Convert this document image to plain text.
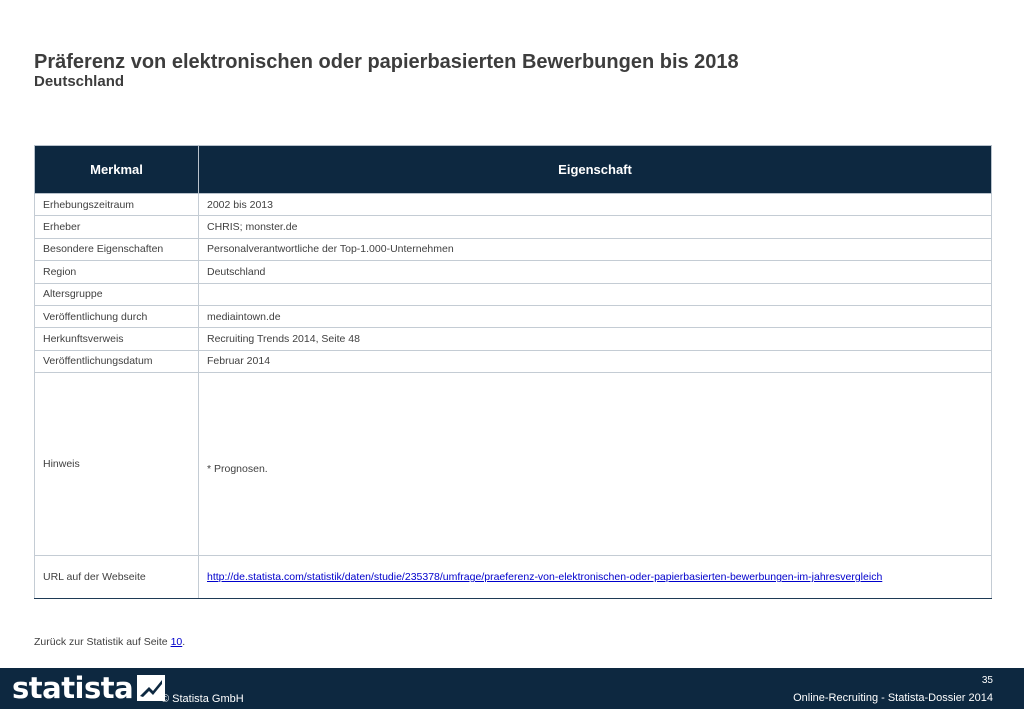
Präferenz von elektronischen oder papierbasierten Bewerbungen bis 2018
Deutschland
Merkmal	Eigenschaft
Erhebungszeitraum	2002 bis 2013
Erheber	CHRIS; monster.de
Besondere Eigenschaften	Personalverantwortliche der Top-1.000-Unternehmen
Region	Deutschland
Altersgruppe	
Veröffentlichung durch	mediaintown.de
Herkunftsverweis	Recruiting Trends 2014, Seite 48
Veröffentlichungsdatum	Februar 2014
Hinweis	* Prognosen.
URL auf der Webseite	http://de.statista.com/statistik/daten/studie/235378/umfrage/praeferenz-von-elektronischen-oder-papierbasierten-bewerbungen-im-jahresvergleich
Zurück zur Statistik auf Seite 10.
statista	© Statista GmbH
35
Online-Recruiting - Statista-Dossier 2014
